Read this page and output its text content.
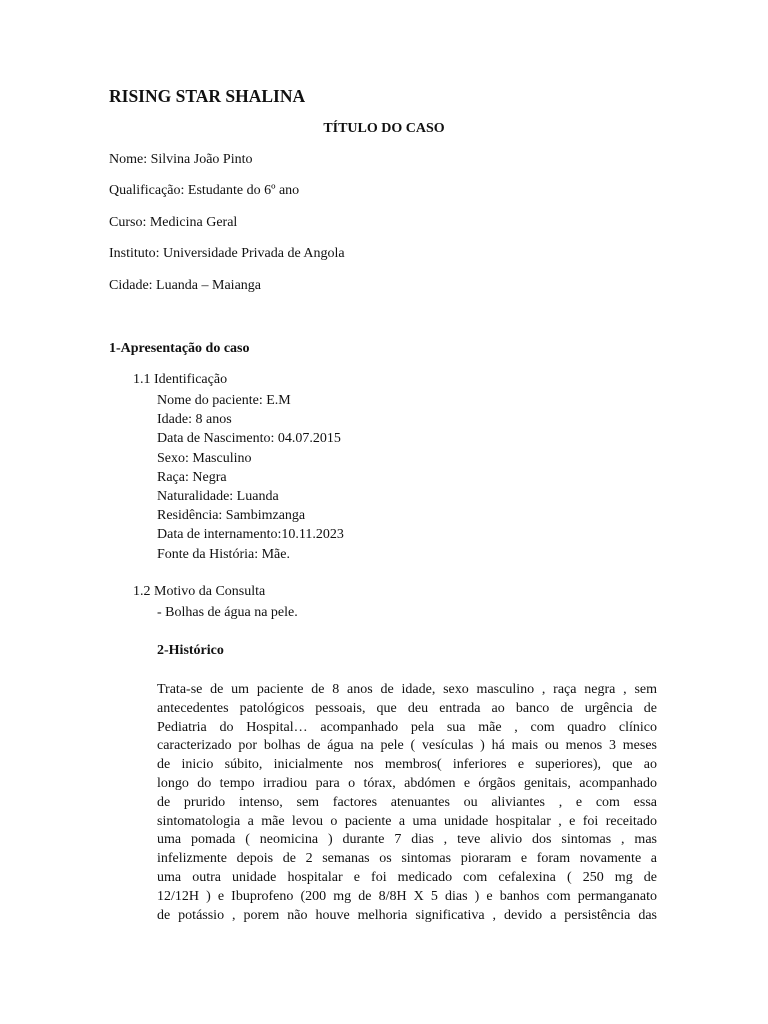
RISING STAR SHALINA
TÍTULO DO CASO

Nome: Silvina João Pinto

Qualificação: Estudante do 6º ano

Curso: Medicina Geral

Instituto: Universidade Privada de Angola

Cidade: Luanda – Maianga

1-Apresentação do caso

1.1 Identificação

Nome do paciente: E.M
Idade: 8 anos
Data de Nascimento: 04.07.2015
Sexo: Masculino
Raça: Negra
Naturalidade: Luanda
Residência: Sambimzanga
Data de internamento:10.11.2023
Fonte da História: Mãe.

1.2 Motivo da Consulta

- Bolhas de água na pele.
2-Histórico
Trata-se de um paciente de 8 anos de idade, sexo masculino , raça negra , sem
antecedentes patológicos pessoais, que deu entrada ao banco de urgência de
Pediatria do Hospital… acompanhado pela sua mãe , com quadro clínico
caracterizado por bolhas de água na pele ( vesículas ) há mais ou menos 3 meses
de inicio súbito, inicialmente nos membros( inferiores e superiores), que ao
longo do tempo irradiou para o tórax, abdómen e órgãos genitais, acompanhado
de prurido intenso, sem factores atenuantes ou aliviantes , e com essa
sintomatologia a mãe levou o paciente a uma unidade hospitalar , e foi receitado
uma pomada ( neomicina ) durante 7 dias , teve alivio dos sintomas , mas
infelizmente depois de 2 semanas os sintomas pioraram e foram novamente a
uma outra unidade hospitalar e foi medicado com cefalexina ( 250 mg de
12/12H ) e Ibuprofeno (200 mg de 8/8H X 5 dias ) e banhos com permanganato
de potássio , porem não houve melhoria significativa , devido a persistência das
